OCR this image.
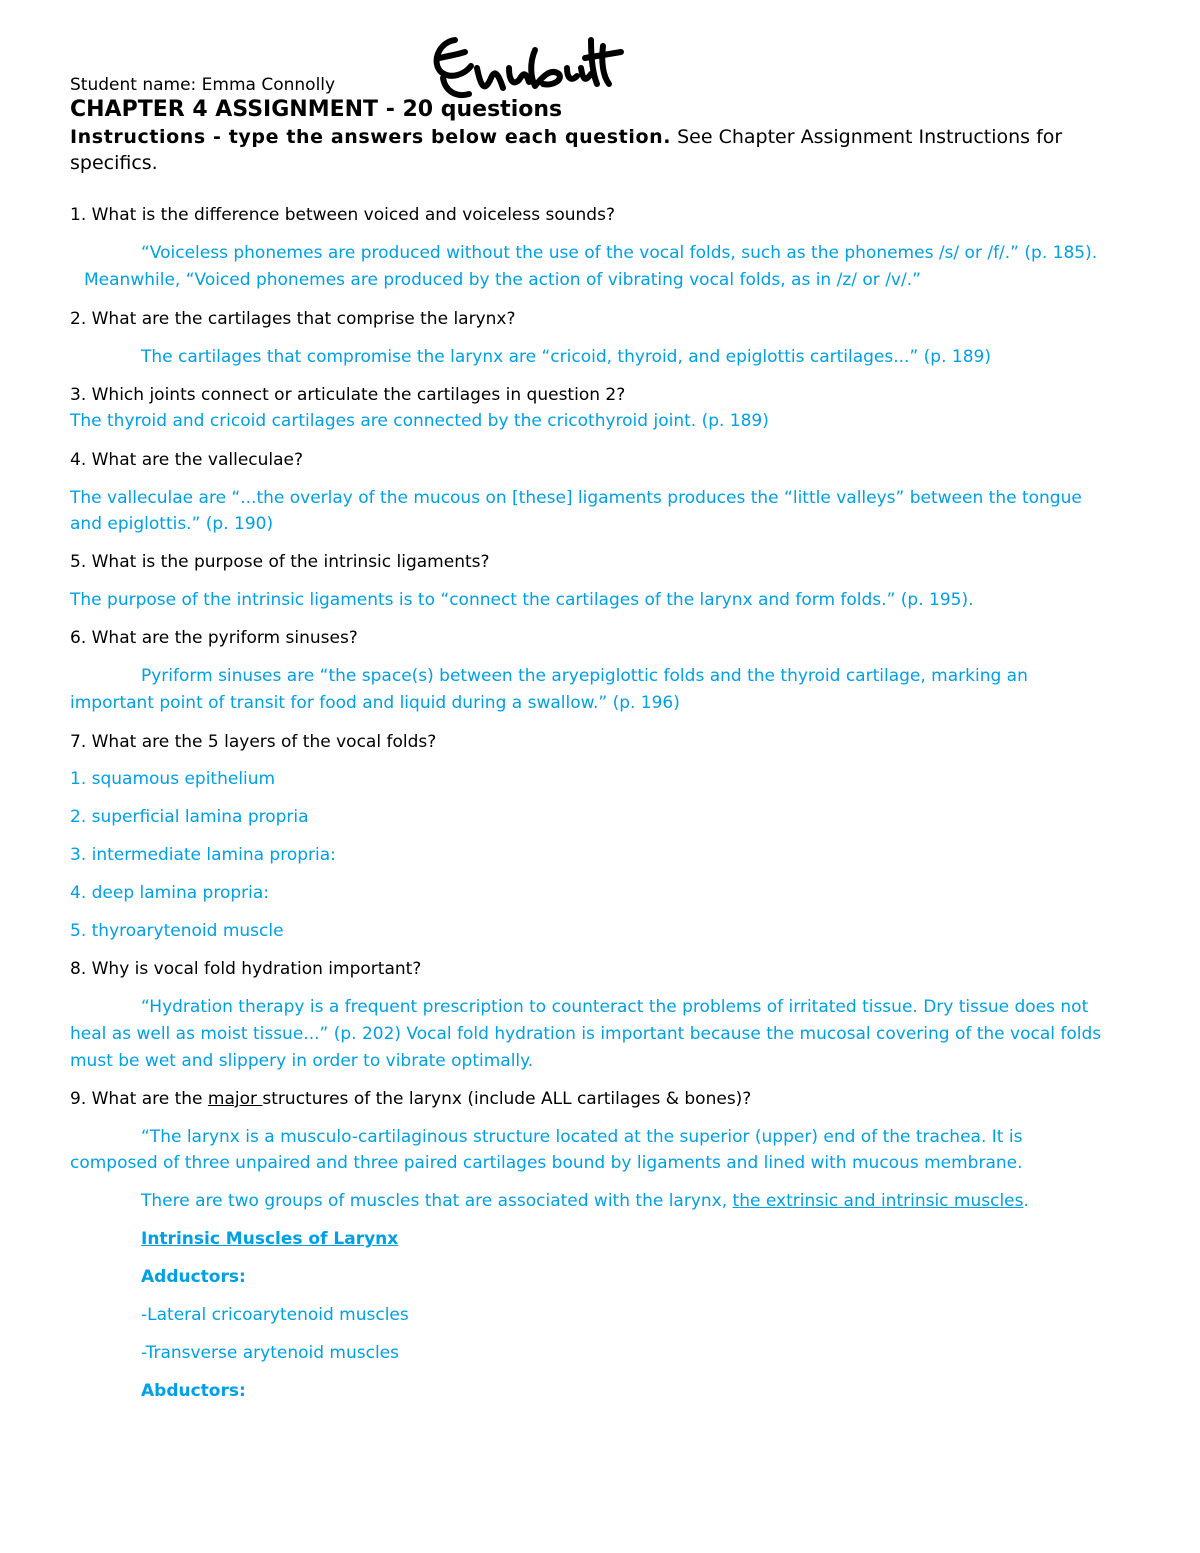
Student name: Emma Connolly
CHAPTER 4 ASSIGNMENT - 20 questions
Instructions - type the answers below each question. See Chapter Assignment Instructions for specifics.
1. What is the difference between voiced and voiceless sounds?
“Voiceless phonemes are produced without the use of the vocal folds, such as the phonemes /s/ or /f/.” (p. 185).
Meanwhile, “Voiced phonemes are produced by the action of vibrating vocal folds, as in /z/ or /v/.”
2. What are the cartilages that comprise the larynx?
The cartilages that compromise the larynx are “cricoid, thyroid, and epiglottis cartilages...” (p. 189)
3. Which joints connect or articulate the cartilages in question 2?
The thyroid and cricoid cartilages are connected by the cricothyroid joint. (p. 189)
4. What are the valleculae?
The valleculae are “...the overlay of the mucous on [these] ligaments produces the “little valleys” between the tongue
and epiglottis.” (p. 190)
5. What is the purpose of the intrinsic ligaments?
The purpose of the intrinsic ligaments is to “connect the cartilages of the larynx and form folds.” (p. 195).
6. What are the pyriform sinuses?
Pyriform sinuses are “the space(s) between the aryepiglottic folds and the thyroid cartilage, marking an
important point of transit for food and liquid during a swallow.” (p. 196)
7. What are the 5 layers of the vocal folds?
1. squamous epithelium
2. superficial lamina propria
3. intermediate lamina propria:
4. deep lamina propria:
5. thyroarytenoid muscle
8. Why is vocal fold hydration important?
“Hydration therapy is a frequent prescription to counteract the problems of irritated tissue. Dry tissue does not
heal as well as moist tissue...” (p. 202) Vocal fold hydration is important because the mucosal covering of the vocal folds
must be wet and slippery in order to vibrate optimally.
9. What are the major structures of the larynx (include ALL cartilages & bones)?
“The larynx is a musculo-cartilaginous structure located at the superior (upper) end of the trachea. It is
composed of three unpaired and three paired cartilages bound by ligaments and lined with mucous membrane.
There are two groups of muscles that are associated with the larynx, the extrinsic and intrinsic muscles.
Intrinsic Muscles of Larynx
Adductors:
-Lateral cricoarytenoid muscles
-Transverse arytenoid muscles
Abductors:
